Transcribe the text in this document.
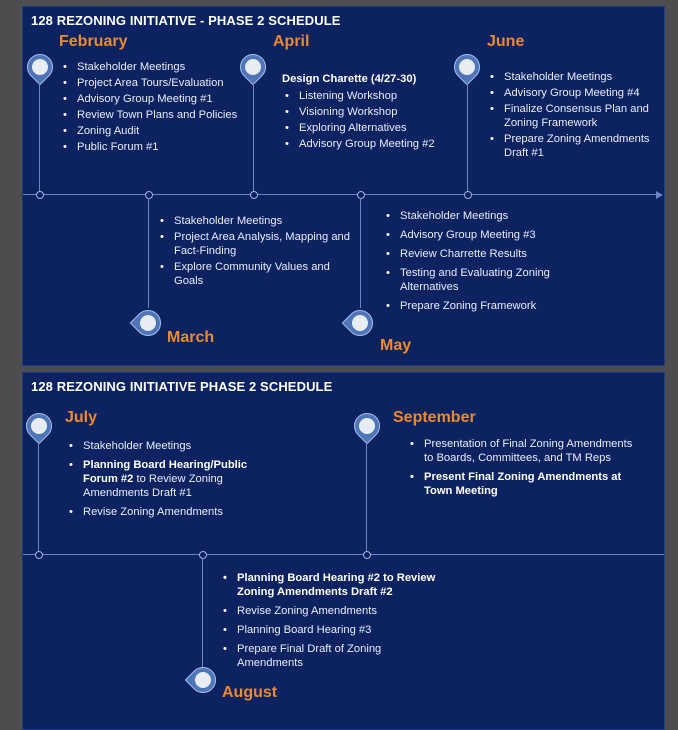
128 REZONING INITIATIVE - PHASE 2 SCHEDULE
February
• Stakeholder Meetings
• Project Area Tours/Evaluation
• Advisory Group Meeting #1
• Review Town Plans and Policies
• Zoning Audit
• Public Forum #1
April
Design Charette (4/27-30)
• Listening Workshop
• Visioning Workshop
• Exploring Alternatives
• Advisory Group Meeting #2
June
• Stakeholder Meetings
• Advisory Group Meeting #4
• Finalize Consensus Plan and Zoning Framework
• Prepare Zoning Amendments Draft #1
March
• Stakeholder Meetings
• Project Area Analysis, Mapping and Fact-Finding
• Explore Community Values and Goals
May
• Stakeholder Meetings
• Advisory Group Meeting #3
• Review Charrette Results
• Testing and Evaluating Zoning Alternatives
• Prepare Zoning Framework
128 REZONING INITIATIVE PHASE 2 SCHEDULE
July
• Stakeholder Meetings
• Planning Board Hearing/Public Forum #2 to Review Zoning Amendments Draft #1
• Revise Zoning Amendments
September
• Presentation of Final Zoning Amendments to Boards, Committees, and TM Reps
• Present Final Zoning Amendments at Town Meeting
August
• Planning Board Hearing #2 to Review Zoning Amendments Draft #2
• Revise Zoning Amendments
• Planning Board Hearing #3
• Prepare Final Draft of Zoning Amendments
